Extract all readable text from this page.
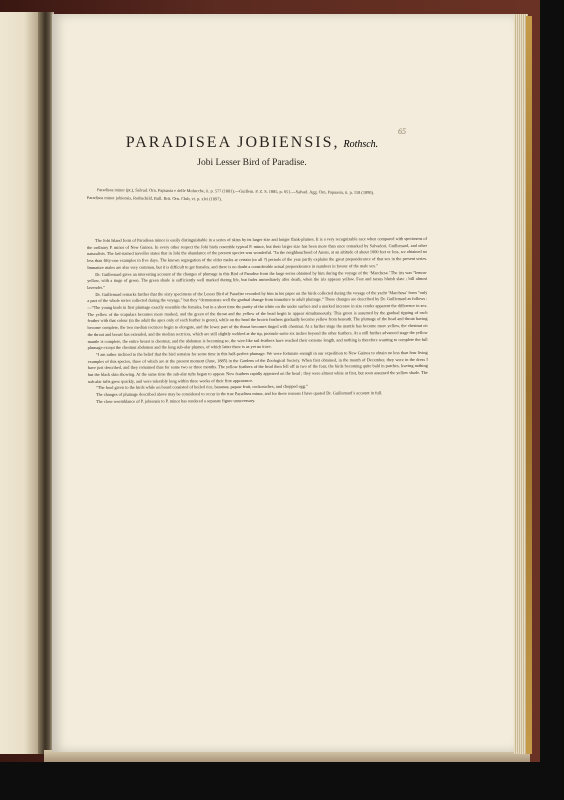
65
PARADISEA JOBIENSIS, Rothsch.
Jobi Lesser Bird of Paradise.

Paradisea minor (pt.), Salvad. Orn. Papuasia e delle Molucche, ii. p. 577 (1881).—Guillem. P. Z. S. 1885, p. 651.—Salvad. Agg. Orn. Papuasia, ii. p. 158 (1890).

Paradisea minor jobiensis, Rothschild, Bull. Brit. Orn. Club, vi. p. xlvi (1897).

The Jobi Island form of Paradisea minor is easily distinguishable in a series of skins by its larger size and longer flank-plumes. It is a very recognizable race when compared with specimens of the ordinary P. minor of New Guinea. In every other respect the Jobi birds resemble typical P. minor, but their larger size has been more than once remarked by Salvadori, Guillemard, and other naturalists. The last-named traveller states that in Jobi the abundance of the present species was wonderful. “In the neighbourhood of Ansus, at an altitude of about 1000 feet or less, we obtained no less than fifty-one examples in five days. The known segregation of the older males at certain (or all ?) periods of the year partly explains the great preponderance of that sex in the present series. Immature males are also very common, but it is difficult to get females, and there is no doubt a considerable actual preponderance in numbers in favour of the male sex.”

Dr. Guillemard gives an interesting account of the changes of plumage in this Bird of Paradise from the large series obtained by him during the voyage of the ‘Marchesa.’ The iris was “lemon-yellow, with a tinge of green. The green shade is sufficiently well marked during life, but fades immediately after death, when the iris appears yellow. Feet and tarsus bluish slate ; bill almost lavender.”

Dr. Guillemard remarks further that the sixty specimens of the Lesser Bird of Paradise recorded by him in his paper on the birds collected during the voyage of the yacht ‘Marchesa’ form “only a part of the whole series collected during the voyage,” but they “demonstrate well the gradual change from immature to adult plumage.” These changes are described by Dr. Guillemard as follows :—“The young birds in first plumage exactly resemble the females, but in a short time the purity of the white on the under surface and a marked increase in size render apparent the difference in sex. The yellow of the scapulars becomes more marked, and the green of the throat and the yellow of the head begin to appear simultaneously. This green is assumed by the gradual tipping of each feather with that colour (in the adult the apex only of each feather is green), while on the head the brown feathers gradually become yellow from beneath. The plumage of the head and throat having become complete, the two median rectrices begin to elongate, and the lower part of the throat becomes tinged with chestnut. At a further stage the mantle has become more yellow, the chestnut on the throat and breast has extended, and the median rectrices, which are still slightly webbed at the tip, protrude some six inches beyond the other feathers. At a still further advanced stage the yellow mantle is complete, the entire breast is chestnut, and the abdomen is becoming so, the wire-like tail-feathers have reached their extreme length, and nothing is therefore wanting to complete the full plumage except the chestnut abdomen and the long sub-alar plumes, of which latter there is as yet no trace.

“I am rather inclined to the belief that the bird remains for some time in this half-perfect plumage. We were fortunate enough in our expedition to New Guinea to obtain no less than four living examples of this species, three of which are at the present moment (June, 1885) in the Gardens of the Zoological Society. When first obtained, in the month of December, they were in the dress I have just described, and they remained thus for some two or three months. The yellow feathers of the head then fell off in two of the four, the birds becoming quite bald in patches, leaving nothing but the black skin showing. At the same time the sub-alar tufts began to appear. New feathers rapidly appeared on the head ; they were almost white at first, but soon assumed the yellow shade. The sub-alar tufts grew quickly, and were tolerably long within three weeks of their first appearance.

“The food given to the birds while on board consisted of boiled rice, bananas, papaw fruit, cockroaches, and chopped egg.”

The changes of plumage described above may be considered to occur in the true Paradisea minor, and for these reasons I have quoted Dr. Guillemard’s account in full.

The close resemblance of P. jobiensis to P. minor has rendered a separate figure unnecessary.
